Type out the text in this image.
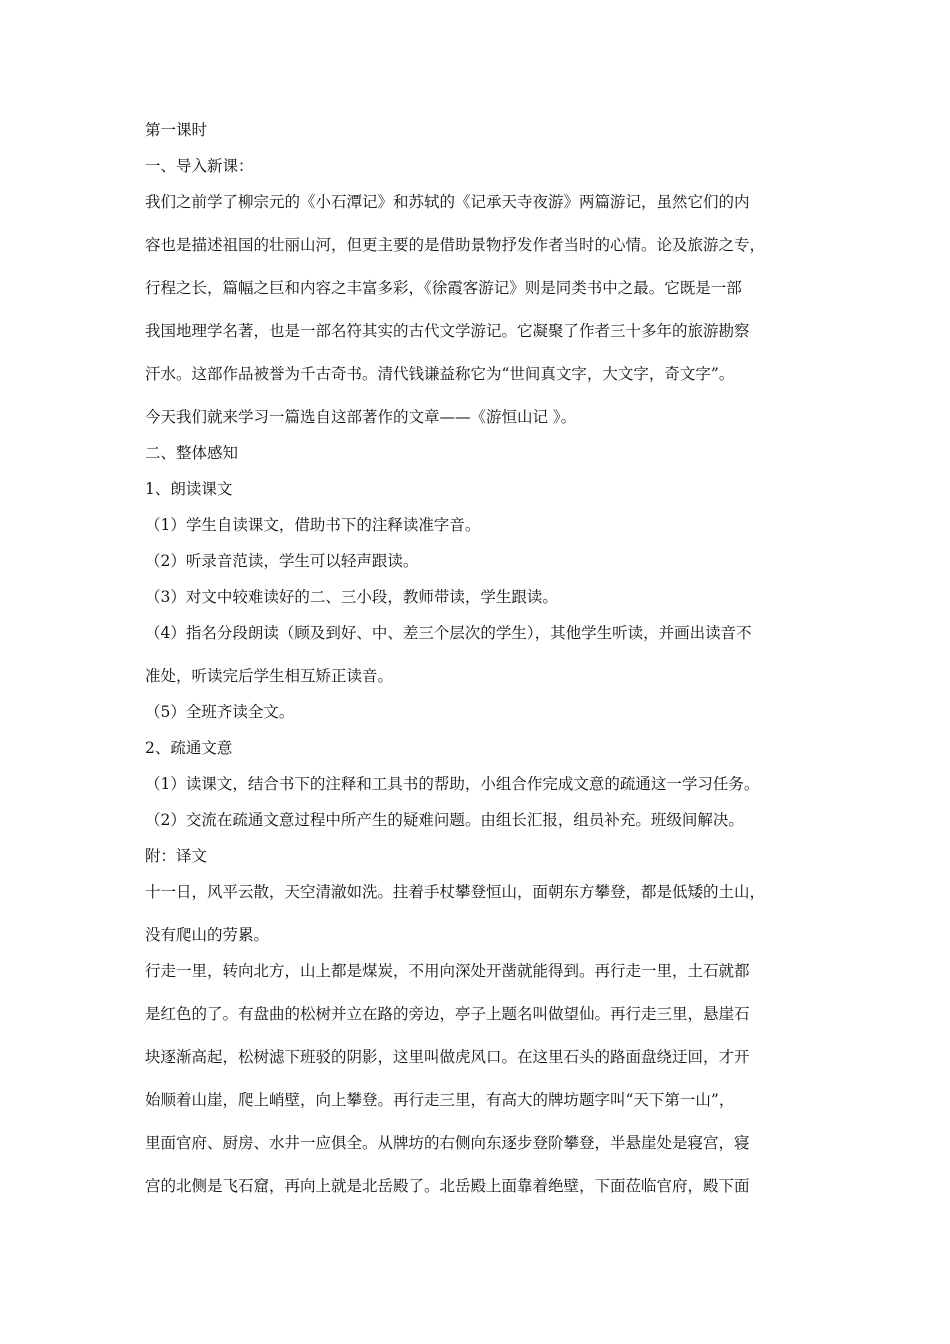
第一课时

一、导入新课：

我们之前学了柳宗元的《小石潭记》和苏轼的《记承天寺夜游》两篇游记，虽然它们的内

容也是描述祖国的壮丽山河，但更主要的是借助景物抒发作者当时的心情。论及旅游之专，

行程之长，篇幅之巨和内容之丰富多彩，《徐霞客游记》则是同类书中之最。它既是一部

我国地理学名著，也是一部名符其实的古代文学游记。它凝聚了作者三十多年的旅游勘察

汗水。这部作品被誉为千古奇书。清代钱谦益称它为“世间真文字，大文字，奇文字”。

今天我们就来学习一篇选自这部著作的文章——《游恒山记 》。

二、整体感知

1、朗读课文

（1）学生自读课文，借助书下的注释读准字音。

（2）听录音范读，学生可以轻声跟读。

（3）对文中较难读好的二、三小段，教师带读，学生跟读。

（4）指名分段朗读（顾及到好、中、差三个层次的学生），其他学生听读，并画出读音不

准处，听读完后学生相互矫正读音。

（5）全班齐读全文。

2、疏通文意

（1）读课文，结合书下的注释和工具书的帮助，小组合作完成文意的疏通这一学习任务。

（2）交流在疏通文意过程中所产生的疑难问题。由组长汇报，组员补充。班级间解决。

附：译文

十一日，风平云散，天空清澈如洗。拄着手杖攀登恒山，面朝东方攀登，都是低矮的土山，

没有爬山的劳累。

行走一里，转向北方，山上都是煤炭，不用向深处开凿就能得到。再行走一里，土石就都

是红色的了。有盘曲的松树并立在路的旁边，亭子上题名叫做望仙。再行走三里，悬崖石

块逐渐高起，松树滤下班驳的阴影，这里叫做虎风口。在这里石头的路面盘绕迂回，才开

始顺着山崖，爬上峭壁，向上攀登。再行走三里，有高大的牌坊题字叫“天下第一山”，

里面官府、厨房、水井一应俱全。从牌坊的右侧向东逐步登阶攀登，半悬崖处是寝宫，寝

宫的北侧是飞石窟，再向上就是北岳殿了。北岳殿上面靠着绝壁，下面莅临官府，殿下面
